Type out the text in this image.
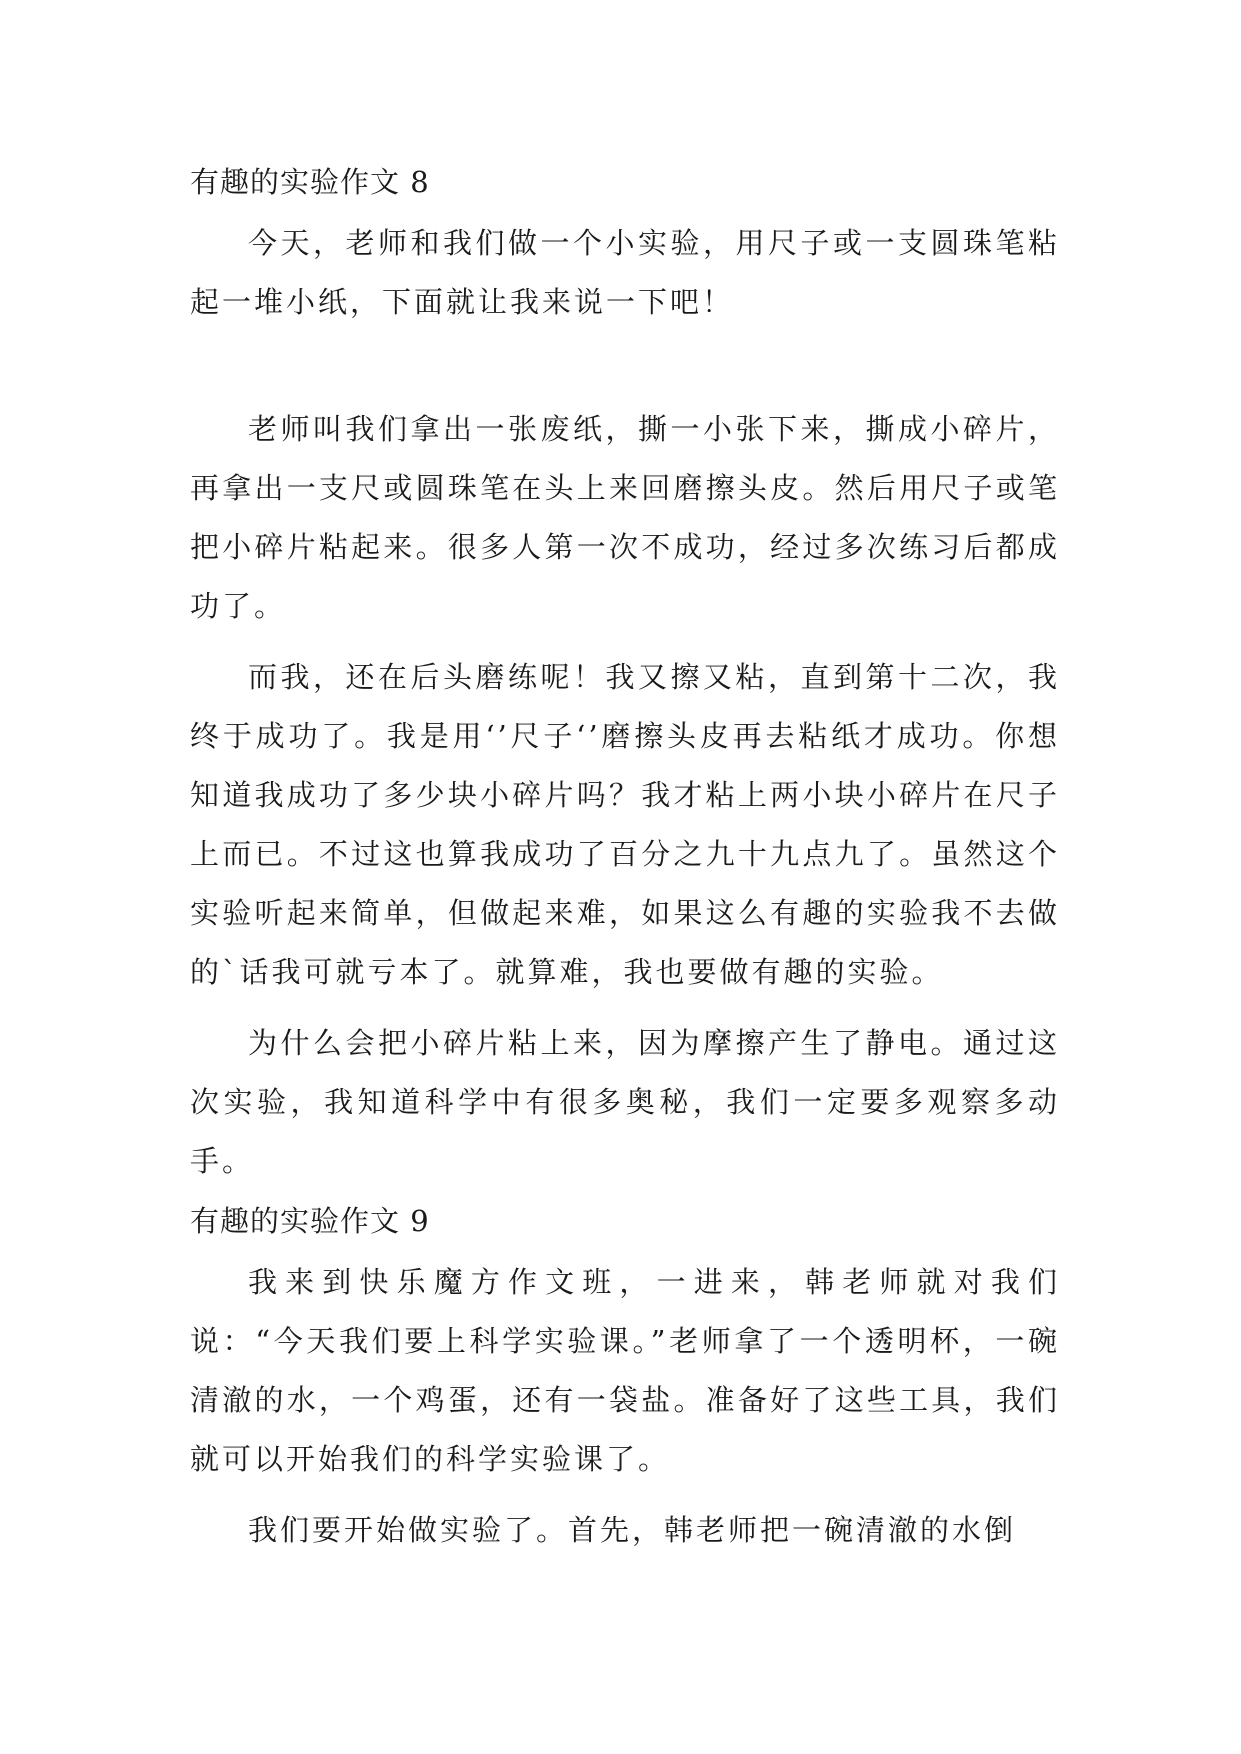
有趣的实验作文 8

今天，老师和我们做一个小实验，用尺子或一支圆珠笔粘起一堆小纸，下面就让我来说一下吧！

老师叫我们拿出一张废纸，撕一小张下来，撕成小碎片，再拿出一支尺或圆珠笔在头上来回磨擦头皮。然后用尺子或笔把小碎片粘起来。很多人第一次不成功，经过多次练习后都成功了。

而我，还在后头磨练呢！我又擦又粘，直到第十二次，我终于成功了。我是用‘’尺子‘’磨擦头皮再去粘纸才成功。你想知道我成功了多少块小碎片吗？我才粘上两小块小碎片在尺子上而已。不过这也算我成功了百分之九十九点九了。虽然这个实验听起来简单，但做起来难，如果这么有趣的实验我不去做的`话我可就亏本了。就算难，我也要做有趣的实验。

为什么会把小碎片粘上来，因为摩擦产生了静电。通过这次实验，我知道科学中有很多奥秘，我们一定要多观察多动手。

有趣的实验作文 9

我来到快乐魔方作文班，一进来，韩老师就对我们说：“今天我们要上科学实验课。”老师拿了一个透明杯，一碗清澈的水，一个鸡蛋，还有一袋盐。准备好了这些工具，我们就可以开始我们的科学实验课了。

我们要开始做实验了。首先，韩老师把一碗清澈的水倒
